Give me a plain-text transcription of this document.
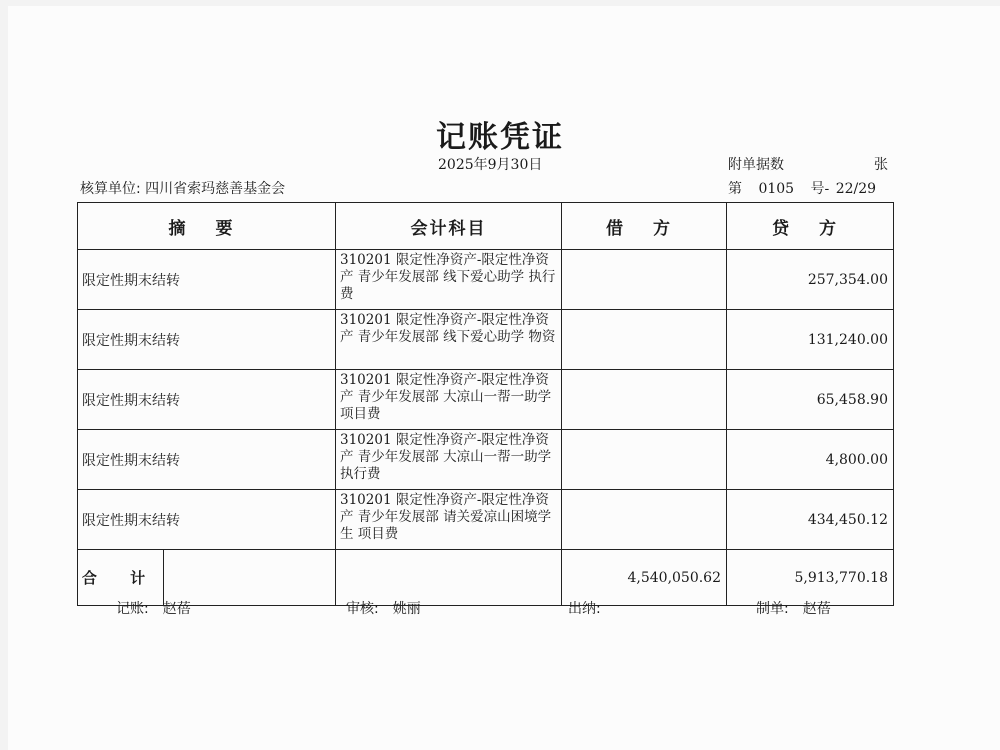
记账凭证
2025年9月30日	附单据数	张
核算单位: 四川省索玛慈善基金会	第 0105 号- 22/29
摘 要	会计科目	借 方	贷 方
限定性期末结转	310201 限定性净资产-限定性净资产 青少年发展部 线下爱心助学 执行费		257,354.00
限定性期末结转	310201 限定性净资产-限定性净资产 青少年发展部 线下爱心助学 物资		131,240.00
限定性期末结转	310201 限定性净资产-限定性净资产 青少年发展部 大凉山一帮一助学 项目费		65,458.90
限定性期末结转	310201 限定性净资产-限定性净资产 青少年发展部 大凉山一帮一助学 执行费		4,800.00
限定性期末结转	310201 限定性净资产-限定性净资产 青少年发展部 请关爱凉山困境学生 项目费		434,450.12

合 计		4,540,050.62	5,913,770.18
记账: 赵蓓	审核: 姚丽	出纳:	制单: 赵蓓
